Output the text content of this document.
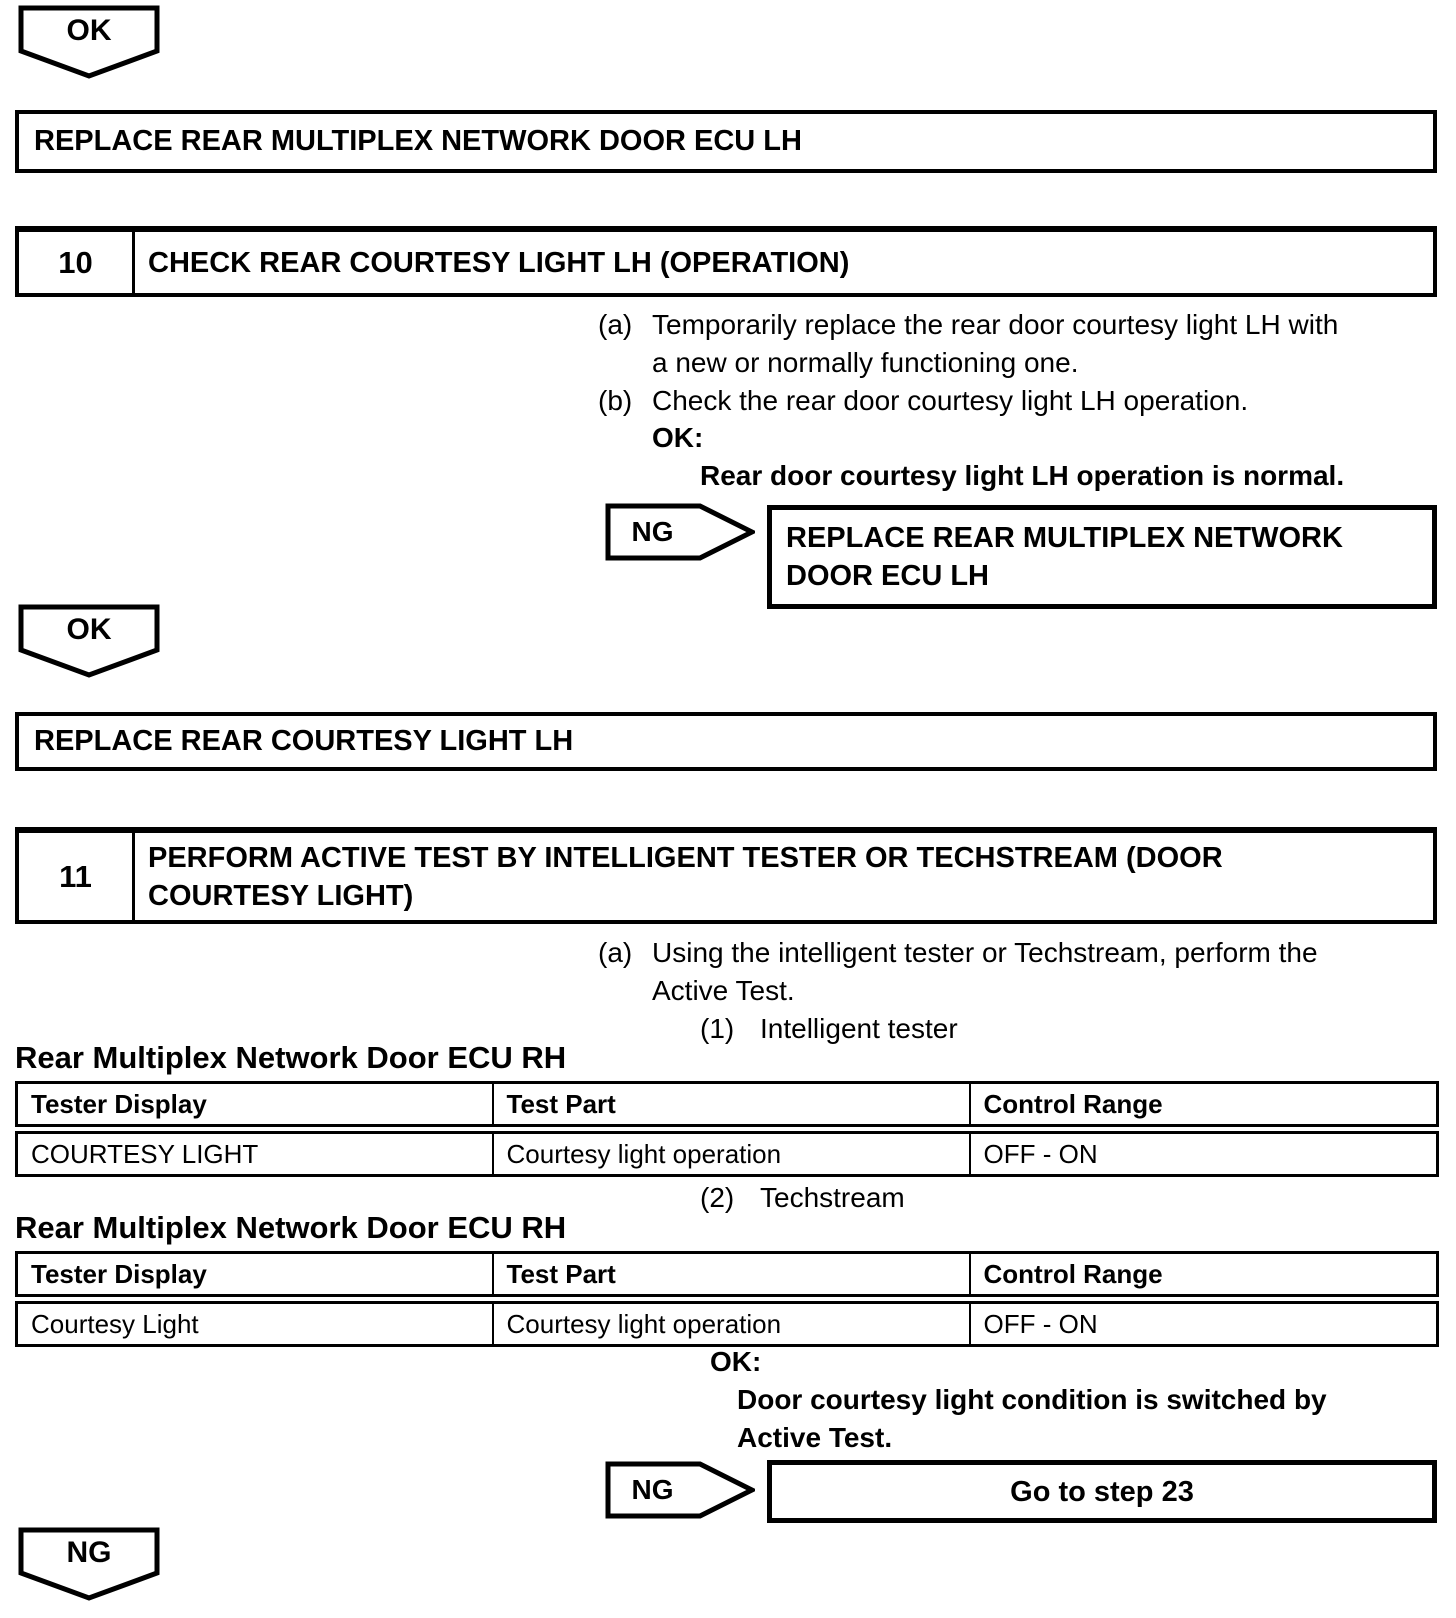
OK
REPLACE REAR MULTIPLEX NETWORK DOOR ECU LH
10	CHECK REAR COURTESY LIGHT LH (OPERATION)
(a) Temporarily replace the rear door courtesy light LH with
a new or normally functioning one.
(b) Check the rear door courtesy light LH operation.
OK:
Rear door courtesy light LH operation is normal.
NG	REPLACE REAR MULTIPLEX NETWORK
DOOR ECU LH
OK
REPLACE REAR COURTESY LIGHT LH
11
PERFORM ACTIVE TEST BY INTELLIGENT TESTER OR TECHSTREAM (DOOR
COURTESY LIGHT)
(a) Using the intelligent tester or Techstream, perform the
Active Test.
(1) Intelligent tester
Rear Multiplex Network Door ECU RH
Tester Display	Test Part	Control Range
COURTESY LIGHT	Courtesy light operation	OFF - ON
(2) Techstream
Rear Multiplex Network Door ECU RH
Tester Display	Test Part	Control Range
Courtesy Light	Courtesy light operation	OFF - ON
OK:
Door courtesy light condition is switched by
Active Test.
NG	Go to step 23
NG
